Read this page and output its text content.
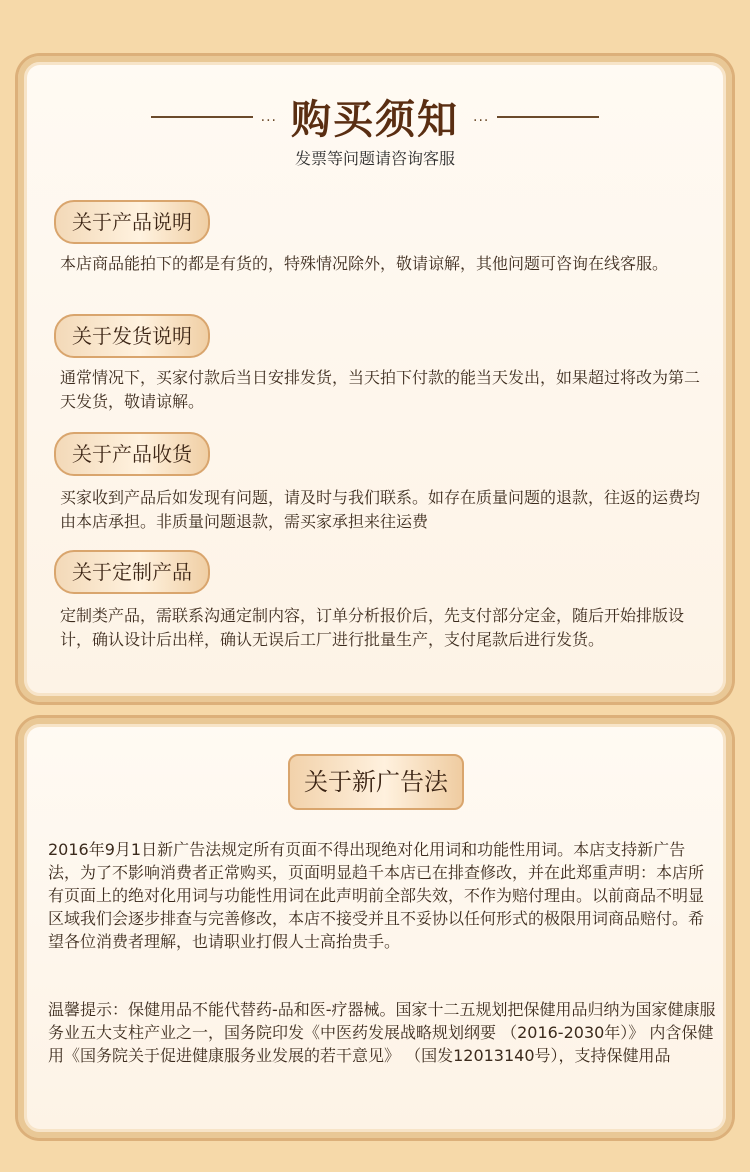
... 购买须知 ...
发票等问题请咨询客服
关于产品说明

本店商品能拍下的都是有货的，特殊情况除外，敬请谅解，其他问题可咨询在线客服。

关于发货说明

通常情况下，买家付款后当日安排发货，当天拍下付款的能当天发出，如果超过将改为第二天发货，敬请谅解。

关于产品收货

买家收到产品后如发现有问题，请及时与我们联系。如存在质量问题的退款，往返的运费均由本店承担。非质量问题退款，需买家承担来往运费

关于定制产品

定制类产品，需联系沟通定制内容，订单分析报价后，先支付部分定金，随后开始排版设计，确认设计后出样，确认无误后工厂进行批量生产，支付尾款后进行发货。

关于新广告法

2016年9月1日新广告法规定所有页面不得出现绝对化用词和功能性用词。本店支持新广告法，为了不影响消费者正常购买，页面明显趋千本店已在排查修改，并在此郑重声明：本店所有页面上的绝对化用词与功能性用词在此声明前全部失效，不作为赔付理由。以前商品不明显区域我们会逐步排查与完善修改，本店不接受并且不妥协以任何形式的极限用词商品赔付。希望各位消费者理解，也请职业打假人士高抬贵手。

温馨提示：保健用品不能代替药-品和医-疗器械。国家十二五规划把保健用品归纳为国家健康服务业五大支柱产业之一，国务院印发《中医药发展战略规划纲要 （2016-2030年）》 内含保健用《国务院关于促进健康服务业发展的若干意见》 （国发12013140号），支持保健用品
